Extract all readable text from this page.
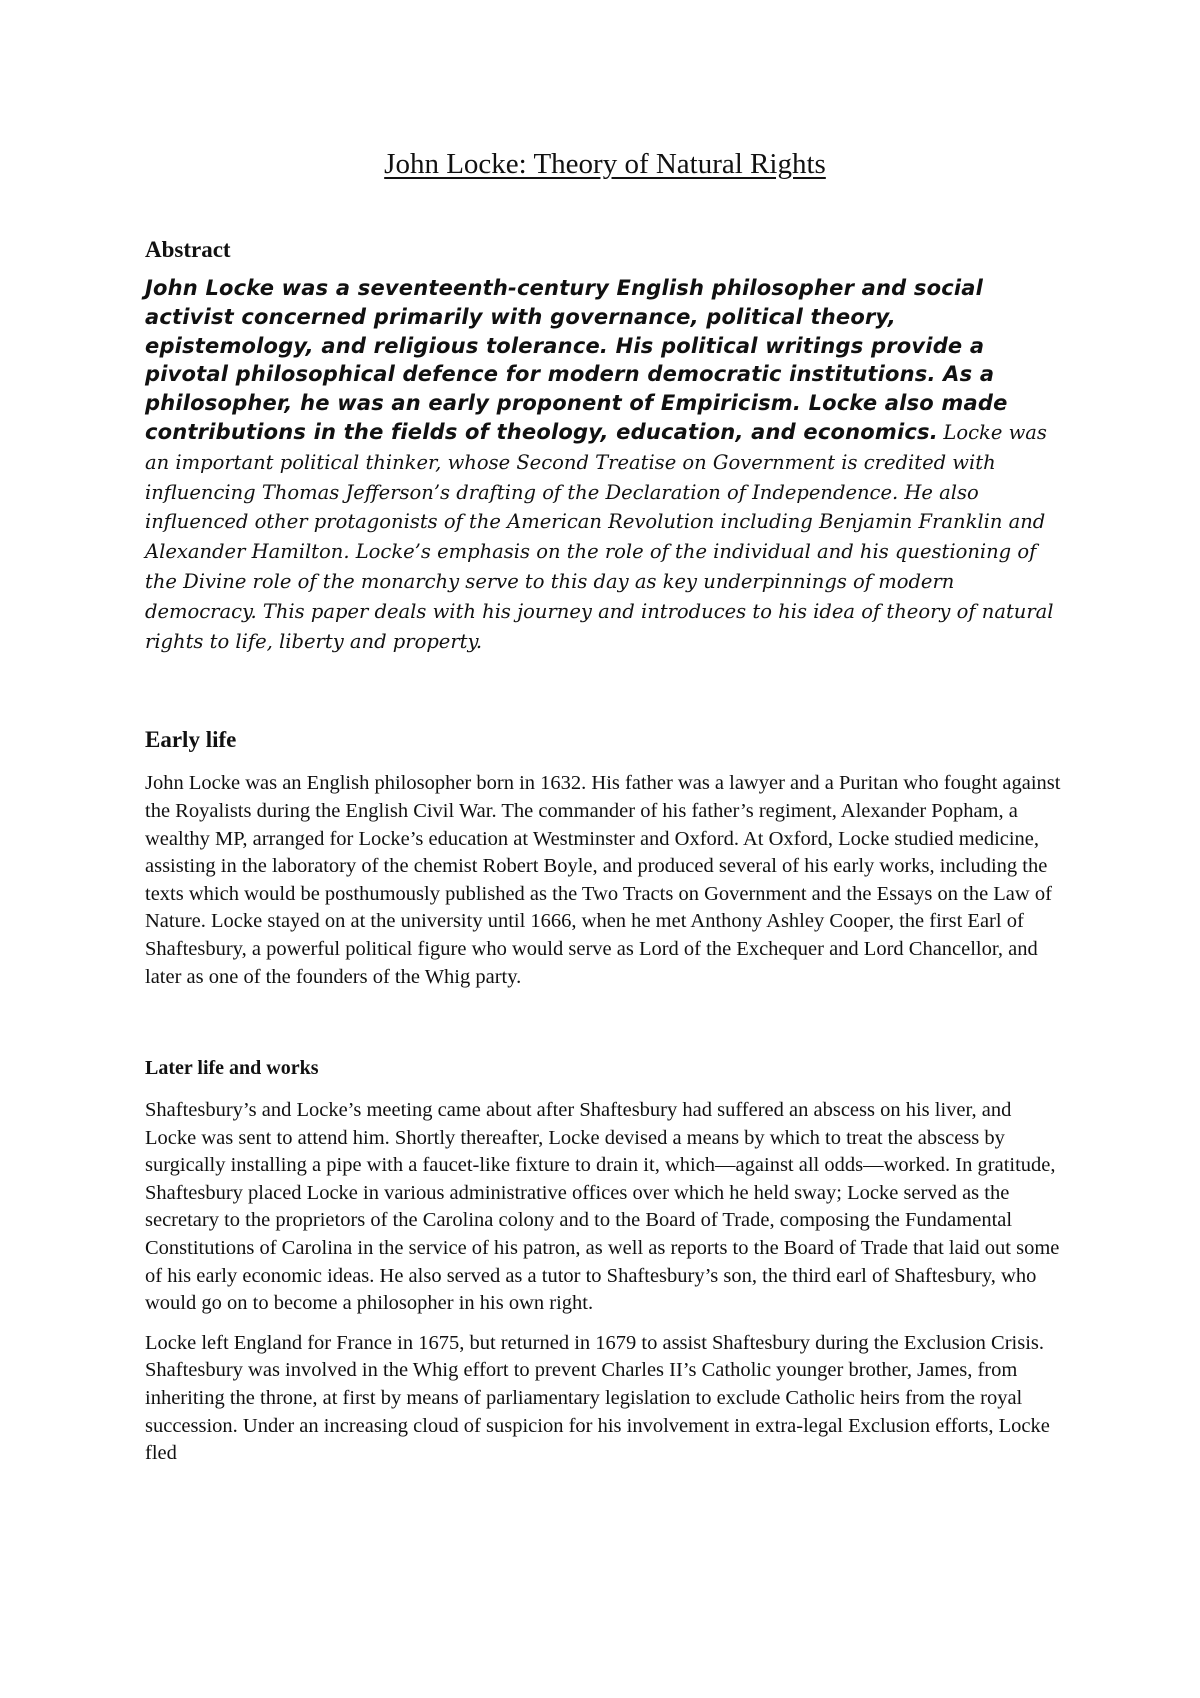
John Locke: Theory of Natural Rights
Abstract

John Locke was a seventeenth-century English philosopher and social activist concerned primarily with governance, political theory, epistemology, and religious tolerance. His political writings provide a pivotal philosophical defence for modern democratic institutions. As a philosopher, he was an early proponent of Empiricism. Locke also made contributions in the fields of theology, education, and economics. Locke was an important political thinker, whose Second Treatise on Government is credited with influencing Thomas Jefferson’s drafting of the Declaration of Independence. He also influenced other protagonists of the American Revolution including Benjamin Franklin and Alexander Hamilton. Locke’s emphasis on the role of the individual and his questioning of the Divine role of the monarchy serve to this day as key underpinnings of modern democracy. This paper deals with his journey and introduces to his idea of theory of natural rights to life, liberty and property.

Early life

John Locke was an English philosopher born in 1632. His father was a lawyer and a Puritan who fought against the Royalists during the English Civil War. The commander of his father’s regiment, Alexander Popham, a wealthy MP, arranged for Locke’s education at Westminster and Oxford. At Oxford, Locke studied medicine, assisting in the laboratory of the chemist Robert Boyle, and produced several of his early works, including the texts which would be posthumously published as the Two Tracts on Government and the Essays on the Law of Nature. Locke stayed on at the university until 1666, when he met Anthony Ashley Cooper, the first Earl of Shaftesbury, a powerful political figure who would serve as Lord of the Exchequer and Lord Chancellor, and later as one of the founders of the Whig party.

Later life and works

Shaftesbury’s and Locke’s meeting came about after Shaftesbury had suffered an abscess on his liver, and Locke was sent to attend him. Shortly thereafter, Locke devised a means by which to treat the abscess by surgically installing a pipe with a faucet-like fixture to drain it, which—against all odds—worked. In gratitude, Shaftesbury placed Locke in various administrative offices over which he held sway; Locke served as the secretary to the proprietors of the Carolina colony and to the Board of Trade, composing the Fundamental Constitutions of Carolina in the service of his patron, as well as reports to the Board of Trade that laid out some of his early economic ideas. He also served as a tutor to Shaftesbury’s son, the third earl of Shaftesbury, who would go on to become a philosopher in his own right.

Locke left England for France in 1675, but returned in 1679 to assist Shaftesbury during the Exclusion Crisis. Shaftesbury was involved in the Whig effort to prevent Charles II’s Catholic younger brother, James, from inheriting the throne, at first by means of parliamentary legislation to exclude Catholic heirs from the royal succession. Under an increasing cloud of suspicion for his involvement in extra-legal Exclusion efforts, Locke fled
